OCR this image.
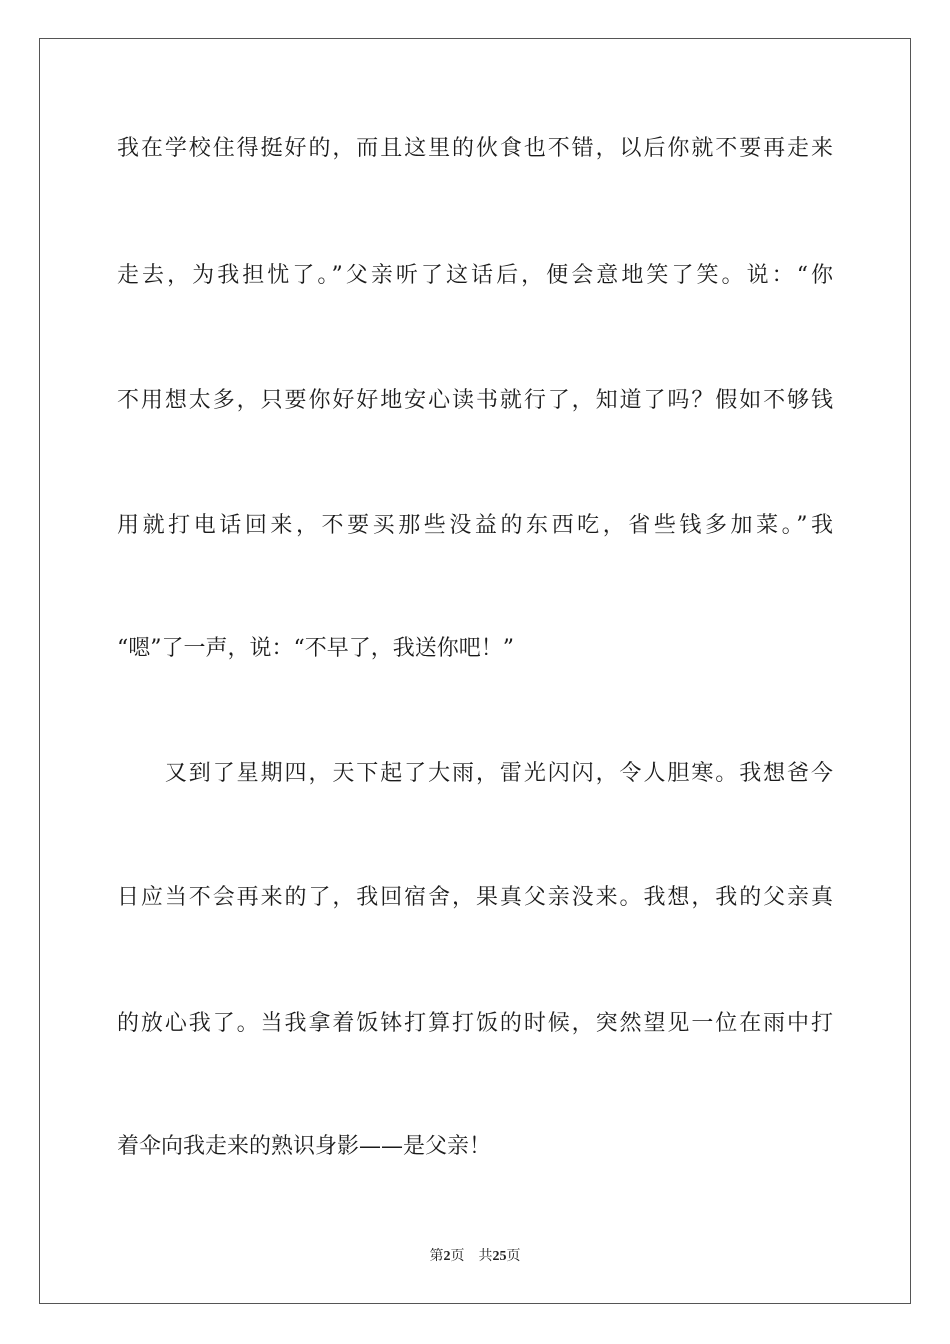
我在学校住得挺好的，而且这里的伙食也不错，以后你就不要再走来
走去，为我担忧了。”父亲听了这话后，便会意地笑了笑。说：“你
不用想太多，只要你好好地安心读书就行了，知道了吗？假如不够钱
用就打电话回来，不要买那些没益的东西吃，省些钱多加菜。”我
“嗯”了一声，说：“不早了，我送你吧！”
　　又到了星期四，天下起了大雨，雷光闪闪，令人胆寒。我想爸今
日应当不会再来的了，我回宿舍，果真父亲没来。我想，我的父亲真
的放心我了。当我拿着饭钵打算打饭的时候，突然望见一位在雨中打
着伞向我走来的熟识身影——是父亲！
第2页　共25页
